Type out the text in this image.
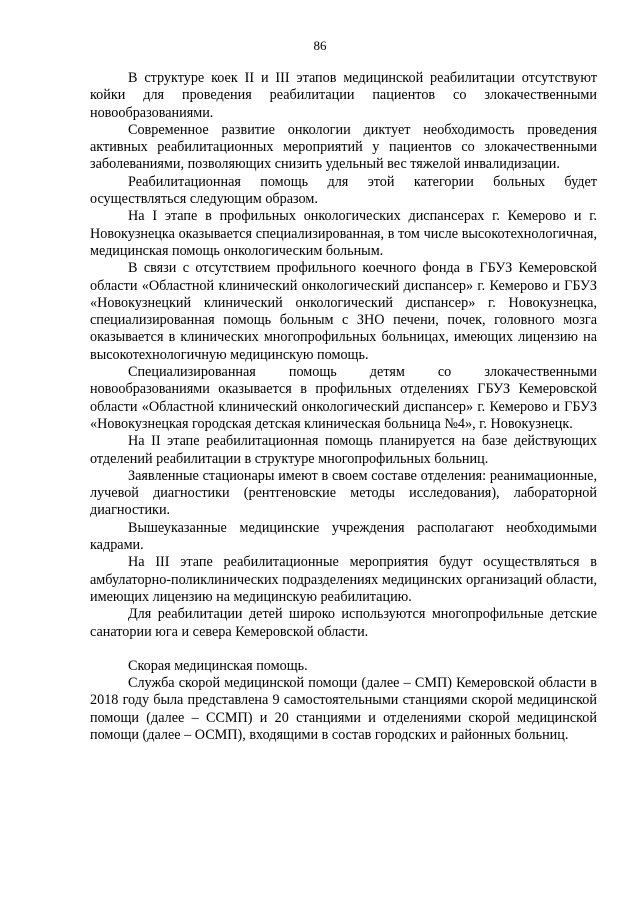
86

В структуре коек II и III этапов медицинской реабилитации отсутствуют койки для проведения реабилитации пациентов со злокачественными новообразованиями.

Современное развитие онкологии диктует необходимость проведения активных реабилитационных мероприятий у пациентов со злокачественными заболеваниями, позволяющих снизить удельный вес тяжелой инвалидизации.

Реабилитационная помощь для этой категории больных будет осуществляться следующим образом.

На I этапе в профильных онкологических диспансерах г. Кемерово и г. Новокузнецка оказывается специализированная, в том числе высокотехнологичная, медицинская помощь онкологическим больным.

В связи с отсутствием профильного коечного фонда в ГБУЗ Кемеровской области «Областной клинический онкологический диспансер» г. Кемерово и ГБУЗ «Новокузнецкий клинический онкологический диспансер» г. Новокузнецка, специализированная помощь больным с ЗНО печени, почек, головного мозга оказывается в клинических многопрофильных больницах, имеющих лицензию на высокотехнологичную медицинскую помощь.

Специализированная помощь детям со злокачественными новообразованиями оказывается в профильных отделениях ГБУЗ Кемеровской области «Областной клинический онкологический диспансер» г. Кемерово и ГБУЗ «Новокузнецкая городская детская клиническая больница №4», г. Новокузнецк.

На II этапе реабилитационная помощь планируется на базе действующих отделений реабилитации в структуре многопрофильных больниц.

Заявленные стационары имеют в своем составе отделения: реанимационные, лучевой диагностики (рентгеновские методы исследования), лабораторной диагностики.

Вышеуказанные медицинские учреждения располагают необходимыми кадрами.

На III этапе реабилитационные мероприятия будут осуществляться в амбулаторно-поликлинических подразделениях медицинских организаций области, имеющих лицензию на медицинскую реабилитацию.

Для реабилитации детей широко используются многопрофильные детские санатории юга и севера Кемеровской области.

Скорая медицинская помощь.

Служба скорой медицинской помощи (далее – СМП) Кемеровской области в 2018 году была представлена 9 самостоятельными станциями скорой медицинской помощи (далее – ССМП) и 20 станциями и отделениями скорой медицинской помощи (далее – ОСМП), входящими в состав городских и районных больниц.
